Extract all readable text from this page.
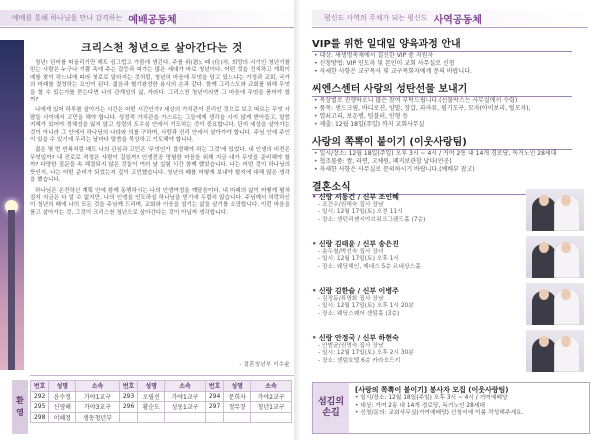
예배를 통해 하나님을 만나 감격하는 예배공동체
크리스천 청년으로 살아간다는 것

청년! 단어를 떠올리기만 해도 심그럽고 가뭄에 생긴다. 주를 위(恩), 때 (位)처, 희망의 시기인 청년기를 믿는 사람은 누구나 기쁨 속에 주는 갈등과 피가는 많은 세대가 바로 청년이다. 어떤 것을 건지하고 게획이 예를 찾이 하느냐에 따라 첫로로 달라지는 것처럼, 청년의 마음에 무엇을 담고 있느냐는 가정과 교회, 국가의 미래를 결정하는 요인이 된다. 젊음과 혈기왕성한 용사의 손과 같다. 함께 그리스도와 교회를 위해 무엇을 할 수 있는가를 묻는다면 나의 관계성의 삶, 자라다. 그리스천 청년이라면 그 마음에 무엇을 품어야 할까?

나에게 있어 하루를 살아가는 시간은 어떤 시간인가? 세상의 가치관이 진리인 것으로 보고 따르는 무엇 사람들 사이에서 고민을 해야 합니다. 성경적 가치관을 가스르는 그들에게 생각을 사지 않게 받아들고, 말씀 지혜가 있어야 정체성을 잃지 않고 성령의 도우심 안에서 기도하는 것이 중요합니다. 단지 세상을 살아가는 것이 아니라 그 안에서 하나님의 나라와 의를 구하며, 사랑과 진리 안에서 살아가야 합니다. 주님 안에 주인이 있을 수 있기에 우리는 날마다 말씀을 묵상하고 기도해야 합니다.

젊은 몇 번 반복처럼 매도 나의 관심과 고민은 '무엇인가 결정해야 하는 그것'에 있었다. 내 인생의 비전은 무엇일까? 내 진로로 적정은 사람이 길일까? 인생전공 영험한 마음을 위해 지금 내가 무엇을 준비해야 할까? 다양한 질문들 속 해결되지 않은 것들이 여러 날 실험 시간 함께 했었습니다. 나는 어떤 것이 하나님의 뜻인지, 나는 어떤 준비가 되었는지 깊이 고민했습니다. 청년의 때를 어떻게 보내야 할지에 대해 많은 생각을 했습니다.

하나님은 온전하신 계획 안에 함께 동행하시는 나의 인생여정을 깨달음이다. 내 미래의 삶이 어떻게 펼쳐질지 지금은 다 알 수 없지만, 나의 인생을 인도하실 하나님을 믿기에 두렵지 않습니다. 주님께서 허락하신 이 청년의 때에 나의 모든 것을 주님께 드리며, 교회와 이웃을 섬기는 삶을 살기를 소망합니다. 이런 마음을 품고 살아가는 것, 그것이 크리스천 청년으로 살아간다는 것이 아닐까 생각합니다.

- 결혼청년부 이수윤
환
영
번호	성명	소속	번호	성명	소속	번호	성명	소속
292	윤수정	가야1교구	293	오필선	가야1교구	294	문희자	가야2교구
295	신영해	가야3교구	296	황순도	성동1교구	297	정무장	청년1교구
298	이혜정	생동청년부						
평신도 사역의 주체가 되는 평신도 사역공동체
VIP를 위한 일대일 양육과정 안내
• 대상: 새생명축제에서 결신한 VIP 중 지원자
• 신청방법: VIP 인도자 및 본인이 교회 사무실로 신청
• 자세한 사항은 교구목사 및 교구목회자에게 문의 바랍니다.
씨엔스센터 사랑의 성탄선물 보내기
• 목장별로 진행하오니 많은 참여 부탁드립니다.(선물박스는 사무실에서 수령)
• 품목: 샌드크림, 바디로션, 양말, 장갑, 과자류, 필기도구, 모자(아이보리, 털모자),
• 열쇠고리, 보온병, 텀블러, 인형 등
• 제출: 12월 18일(주일) 까지 교회사무실
사랑의 쪽뽁이 붙이기 (이웃사랑팀)
• 일시/장소: 12월 18일(주일) 오후 3시 ~ 4시 / 거여 2동 내 14개 경로당, 독거노인 28세대
• 협조물품: 쌀, 라면, 고체원, 폐지보관할 날다(인공)
• 자세한 사항은 사무실로 문의하시기 바랍니다.(예배부 참고)
결혼소식
• 신랑 서동건 / 신부 조인혜
- 조건수/권해숙 집사 장남
- 일시: 12월 17일(토) 오전 11시
- 장소: 센턴리젠시아브워크그랜드홀 (7층)
• 신랑 김태윤 / 신부 송은진
- 송두철/박선숙 집사 장녀
- 일시: 12월 17일(토) 오후 1시
- 장소: 웨딩헤인, 제네스 5층 르네상스홀
• 신랑 김한슬 / 신부 이병주
- 김정동/류명화 집사 장남
- 일시: 12월 17일(토) 오후 1시 20분
- 장소: 웨딩스퀘어 센텀홀 (3층)
• 신랑 안정국 / 신부 하현숙
- 안범균/권명숙 집사 장남
- 일시: 12월 17일(토) 오후 2시 30분
- 장소: 센텀호텔 6층 카라오드키
섬김의
손길
[사랑의 쪽뽁이 붙이기] 봉사자 모집 (이웃사랑팀)
• 일시/장소: 12월 18일(주일) 오후 3시 ~ 4시 / 거여예배당
• 대상: 거여 2동 내 14개 경로당, 독거노인 28세대
• 신청/문의: 교회사무실(거여예배당) 신청서에 이름 작성해주세요.
